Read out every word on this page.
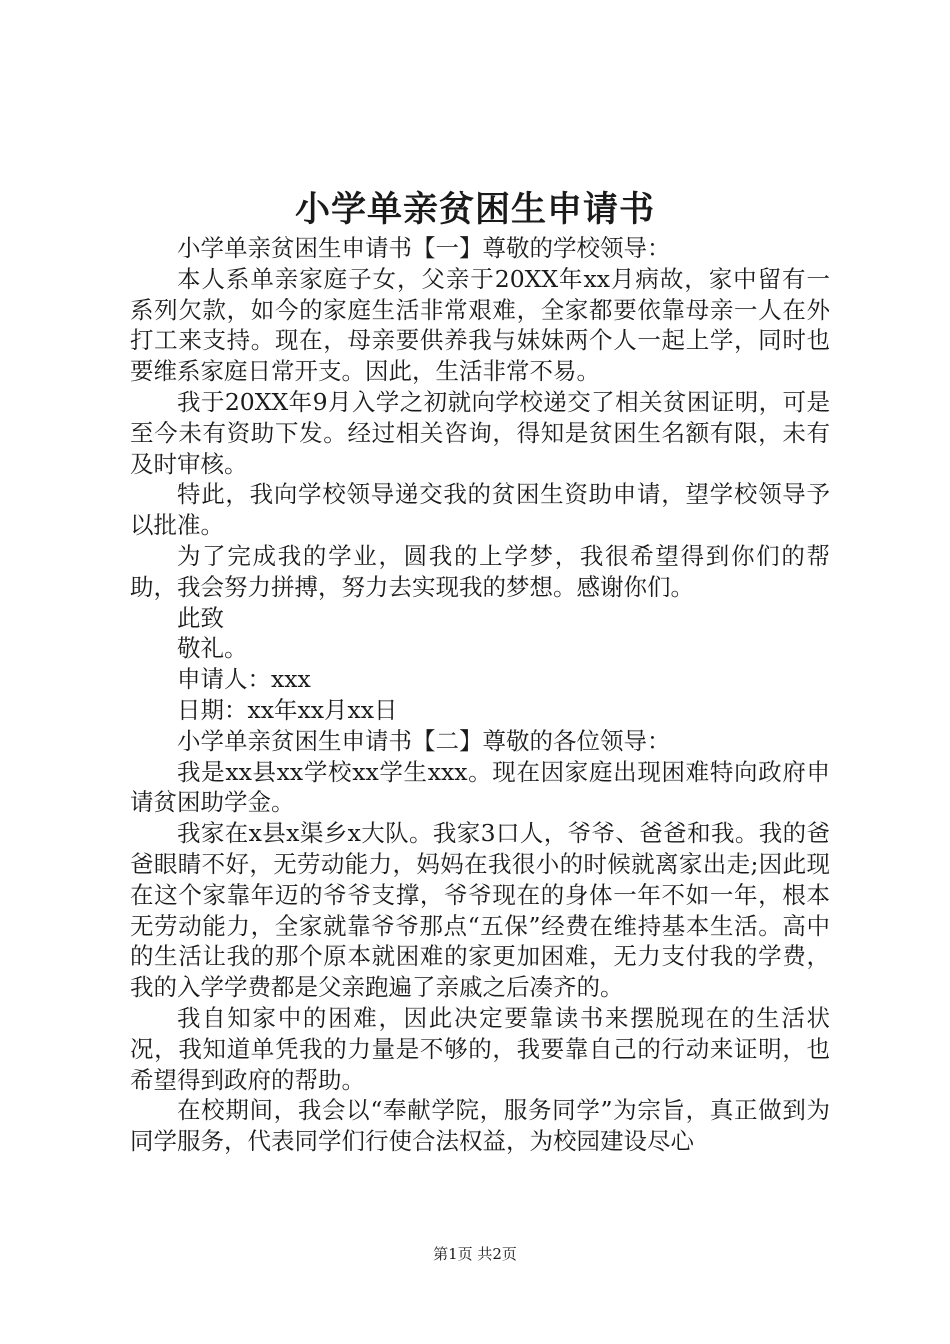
小学单亲贫困生申请书

小学单亲贫困生申请书【一】尊敬的学校领导：

本人系单亲家庭子女，父亲于20XX年xx月病故，家中留有一系列欠款，如今的家庭生活非常艰难，全家都要依靠母亲一人在外打工来支持。现在，母亲要供养我与妹妹两个人一起上学，同时也要维系家庭日常开支。因此，生活非常不易。

我于20XX年9月入学之初就向学校递交了相关贫困证明，可是至今未有资助下发。经过相关咨询，得知是贫困生名额有限，未有及时审核。

特此，我向学校领导递交我的贫困生资助申请，望学校领导予以批准。

为了完成我的学业，圆我的上学梦，我很希望得到你们的帮助，我会努力拼搏，努力去实现我的梦想。感谢你们。

此致

敬礼。

申请人：xxx

日期：xx年xx月xx日

小学单亲贫困生申请书【二】尊敬的各位领导：

我是xx县xx学校xx学生xxx。现在因家庭出现困难特向政府申请贫困助学金。

我家在x县x渠乡x大队。我家3口人，爷爷、爸爸和我。我的爸爸眼睛不好，无劳动能力，妈妈在我很小的时候就离家出走;因此现在这个家靠年迈的爷爷支撑，爷爷现在的身体一年不如一年，根本无劳动能力，全家就靠爷爷那点“五保”经费在维持基本生活。高中的生活让我的那个原本就困难的家更加困难，无力支付我的学费，我的入学学费都是父亲跑遍了亲戚之后凑齐的。

我自知家中的困难，因此决定要靠读书来摆脱现在的生活状况，我知道单凭我的力量是不够的，我要靠自己的行动来证明，也希望得到政府的帮助。

在校期间，我会以“奉献学院，服务同学”为宗旨，真正做到为同学服务，代表同学们行使合法权益，为校园建设尽心

第1页 共2页
